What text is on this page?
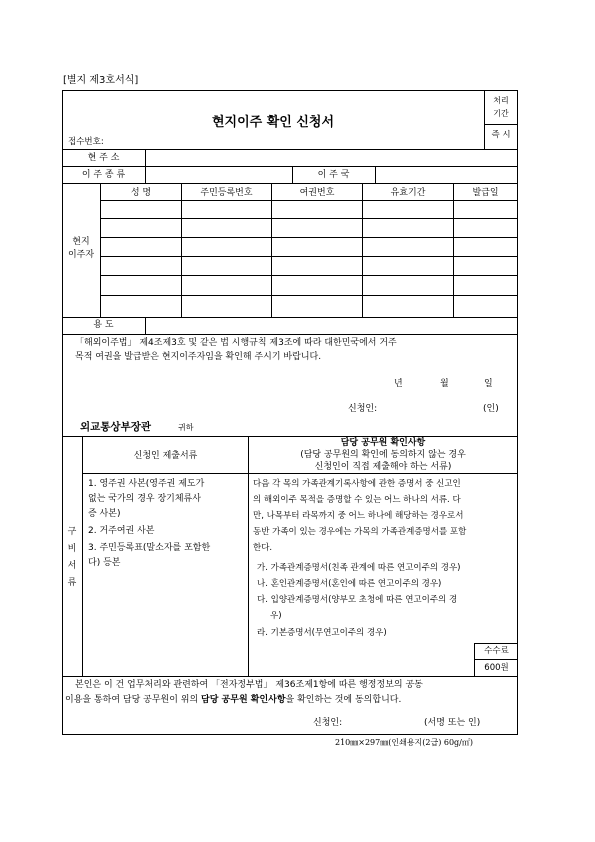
[별지 제3호서식]
현지이주 확인 신청서
접수번호:
처리
기간
즉 시
현 주 소
이 주 종 류	이 주 국
현지
이주자
성 명	주민등록번호	여권번호	유효기간	발급일
용 도
「해외이주법」 제4조제3호 및 같은 법 시행규칙 제3조에 따라 대한민국에서 거주
목적 여권을 발급받은 현지이주자임을 확인해 주시기 바랍니다.
년	월	일
신청인:	(인)
외교통상부장관	귀하
구
비
서
류
신청인 제출서류
담당 공무원 확인사항
(담당 공무원의 확인에 동의하지 않는 경우
신청인이 직접 제출해야 하는 서류)
1. 영주권 사본(영주권 제도가
없는 국가의 경우 장기체류사
증 사본)
2. 거주여권 사본
3. 주민등록표(말소자를 포함한
다) 등본
다음 각 목의 가족관계기록사항에 관한 증명서 중 신고인
의 해외이주 목적을 증명할 수 있는 어느 하나의 서류. 다
만, 나목부터 라목까지 중 어느 하나에 해당하는 경우로서
동반 가족이 있는 경우에는 가목의 가족관계증명서를 포함
한다.
가. 가족관계증명서(친족 관계에 따른 연고이주의 경우)
나. 혼인관계증명서(혼인에 따른 연고이주의 경우)
다. 입양관계증명서(양부모 초청에 따른 연고이주의 경
우)
라. 기본증명서(무연고이주의 경우)
수수료
600원
본인은 이 건 업무처리와 관련하여 「전자정부법」 제36조제1항에 따른 행정정보의 공동
이용을 통하여 담당 공무원이 위의 담당 공무원 확인사항을 확인하는 것에 동의합니다.
신청인:	(서명 또는 인)
210㎜×297㎜(인쇄용지(2급) 60g/㎡)
